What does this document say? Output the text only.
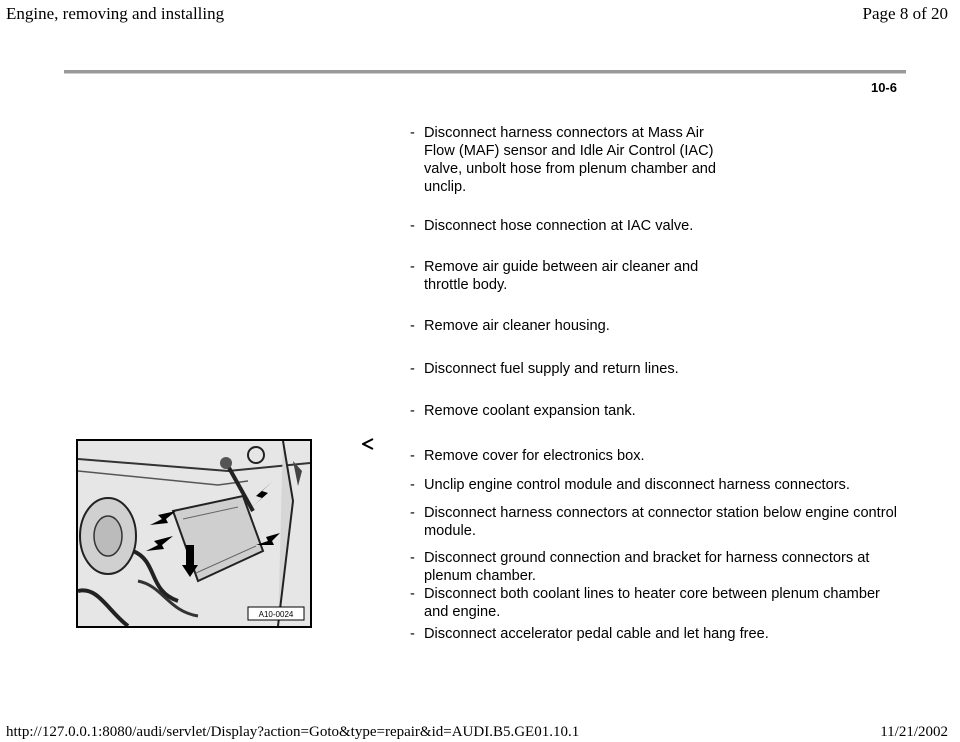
Engine, removing and installing	Page 8 of 20
10-6
- Disconnect harness connectors at Mass Air Flow (MAF) sensor and Idle Air Control (IAC) valve, unbolt hose from plenum chamber and unclip.
- Disconnect hose connection at IAC valve.
- Remove air guide between air cleaner and throttle body.
- Remove air cleaner housing.
- Disconnect fuel supply and return lines.
- Remove coolant expansion tank.
A10-0024
- Remove cover for electronics box.
- Unclip engine control module and disconnect harness connectors.
- Disconnect harness connectors at connector station below engine control module.
- Disconnect ground connection and bracket for harness connectors at plenum chamber.
- Disconnect both coolant lines to heater core between plenum chamber and engine.
- Disconnect accelerator pedal cable and let hang free.
http://127.0.0.1:8080/audi/servlet/Display?action=Goto&type=repair&id=AUDI.B5.GE01.10.1	11/21/2002
